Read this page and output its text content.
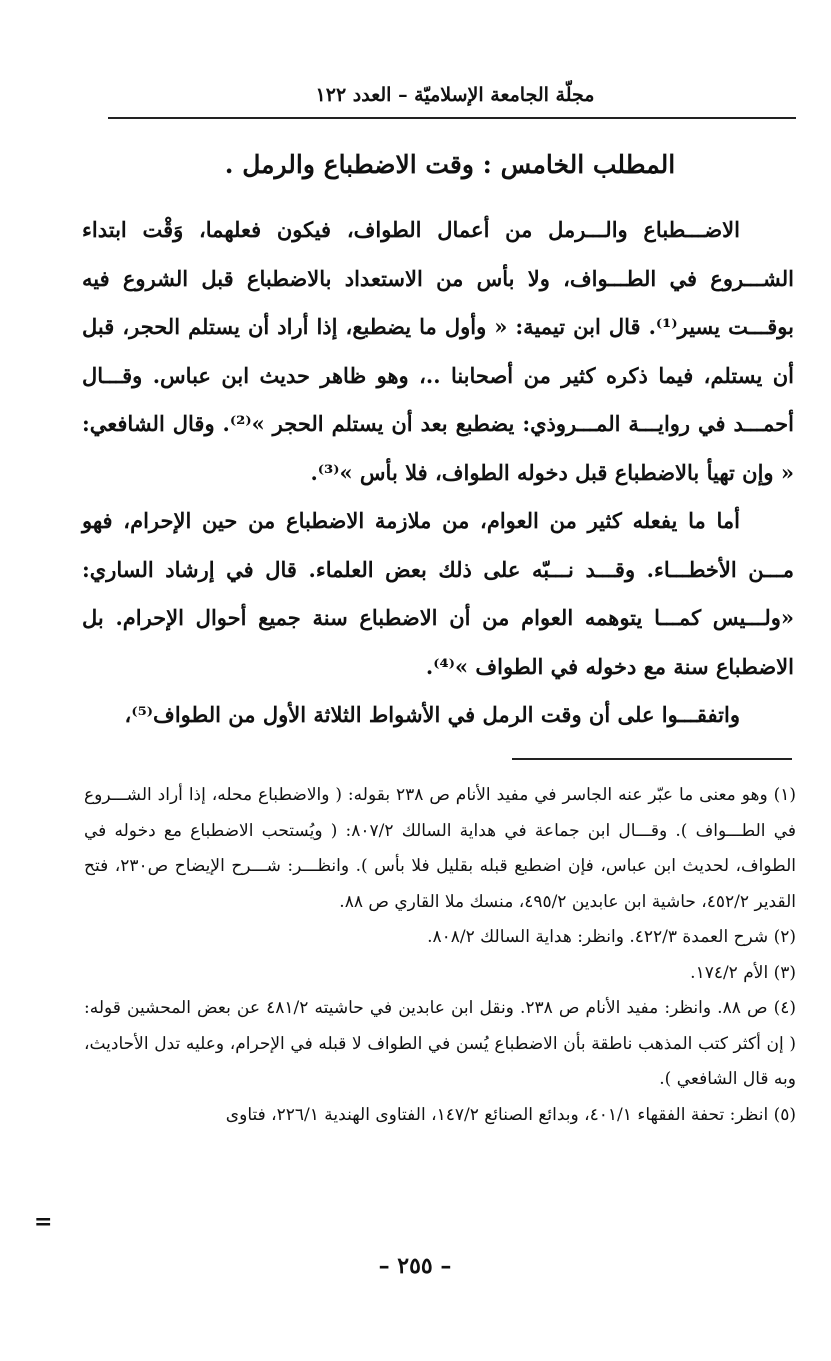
مجلّة الجامعة الإسلاميّة – العدد ١٢٢
المطلب الخامس : وقت الاضطباع والرمل .

الاضـــطباع والـــرمل من أعمال الطواف، فيكون فعلهما، وَقْت ابتداء الشـــروع في الطـــواف، ولا بأس من الاستعداد بالاضطباع قبل الشروع فيه بوقـــت يسير⁽¹⁾. قال ابن تيمية: « وأول ما يضطبع، إذا أراد أن يستلم الحجر، قبل أن يستلم، فيما ذكره كثير من أصحابنا ..، وهو ظاهر حديث ابن عباس. وقـــال أحمـــد في روايـــة المـــروذي: يضطبع بعد أن يستلم الحجر »⁽²⁾. وقال الشافعي: « وإن تهيأ بالاضطباع قبل دخوله الطواف، فلا بأس »⁽³⁾.

أما ما يفعله كثير من العوام، من ملازمة الاضطباع من حين الإحرام، فهو مـــن الأخطـــاء. وقـــد نـــبّه على ذلك بعض العلماء. قال في إرشاد الساري: «ولـــيس كمـــا يتوهمه العوام من أن الاضطباع سنة جميع أحوال الإحرام. بل الاضطباع سنة مع دخوله في الطواف »⁽⁴⁾.

واتفقـــوا على أن وقت الرمل في الأشواط الثلاثة الأول من الطواف⁽⁵⁾،

(١) وهو معنى ما عبّر عنه الجاسر في مفيد الأنام ص ٢٣٨ بقوله: ( والاضطباع محله، إذا أراد الشـــروع في الطـــواف ). وقـــال ابن جماعة في هداية السالك ٨٠٧/٢: ( ويُستحب الاضطباع مع دخوله في الطواف، لحديث ابن عباس، فإن اضطبع قبله بقليل فلا بأس ). وانظـــر: شـــرح الإيضاح ص٢٣٠، فتح القدير ٤٥٢/٢، حاشية ابن عابدين ٤٩٥/٢، منسك ملا القاري ص ٨٨.

(٢) شرح العمدة ٤٢٢/٣. وانظر: هداية السالك ٨٠٨/٢.

(٣) الأم ١٧٤/٢.

(٤) ص ٨٨. وانظر: مفيد الأنام ص ٢٣٨. ونقل ابن عابدين في حاشيته ٤٨١/٢ عن بعض المحشين قوله: ( إن أكثر كتب المذهب ناطقة بأن الاضطباع يُسن في الطواف لا قبله في الإحرام، وعليه تدل الأحاديث، وبه قال الشافعي ).

(٥) انظر: تحفة الفقهاء ٤٠١/١، وبدائع الصنائع ١٤٧/٢، الفتاوى الهندية ٢٢٦/١، فتاوى

=
– ٢٥٥ –
